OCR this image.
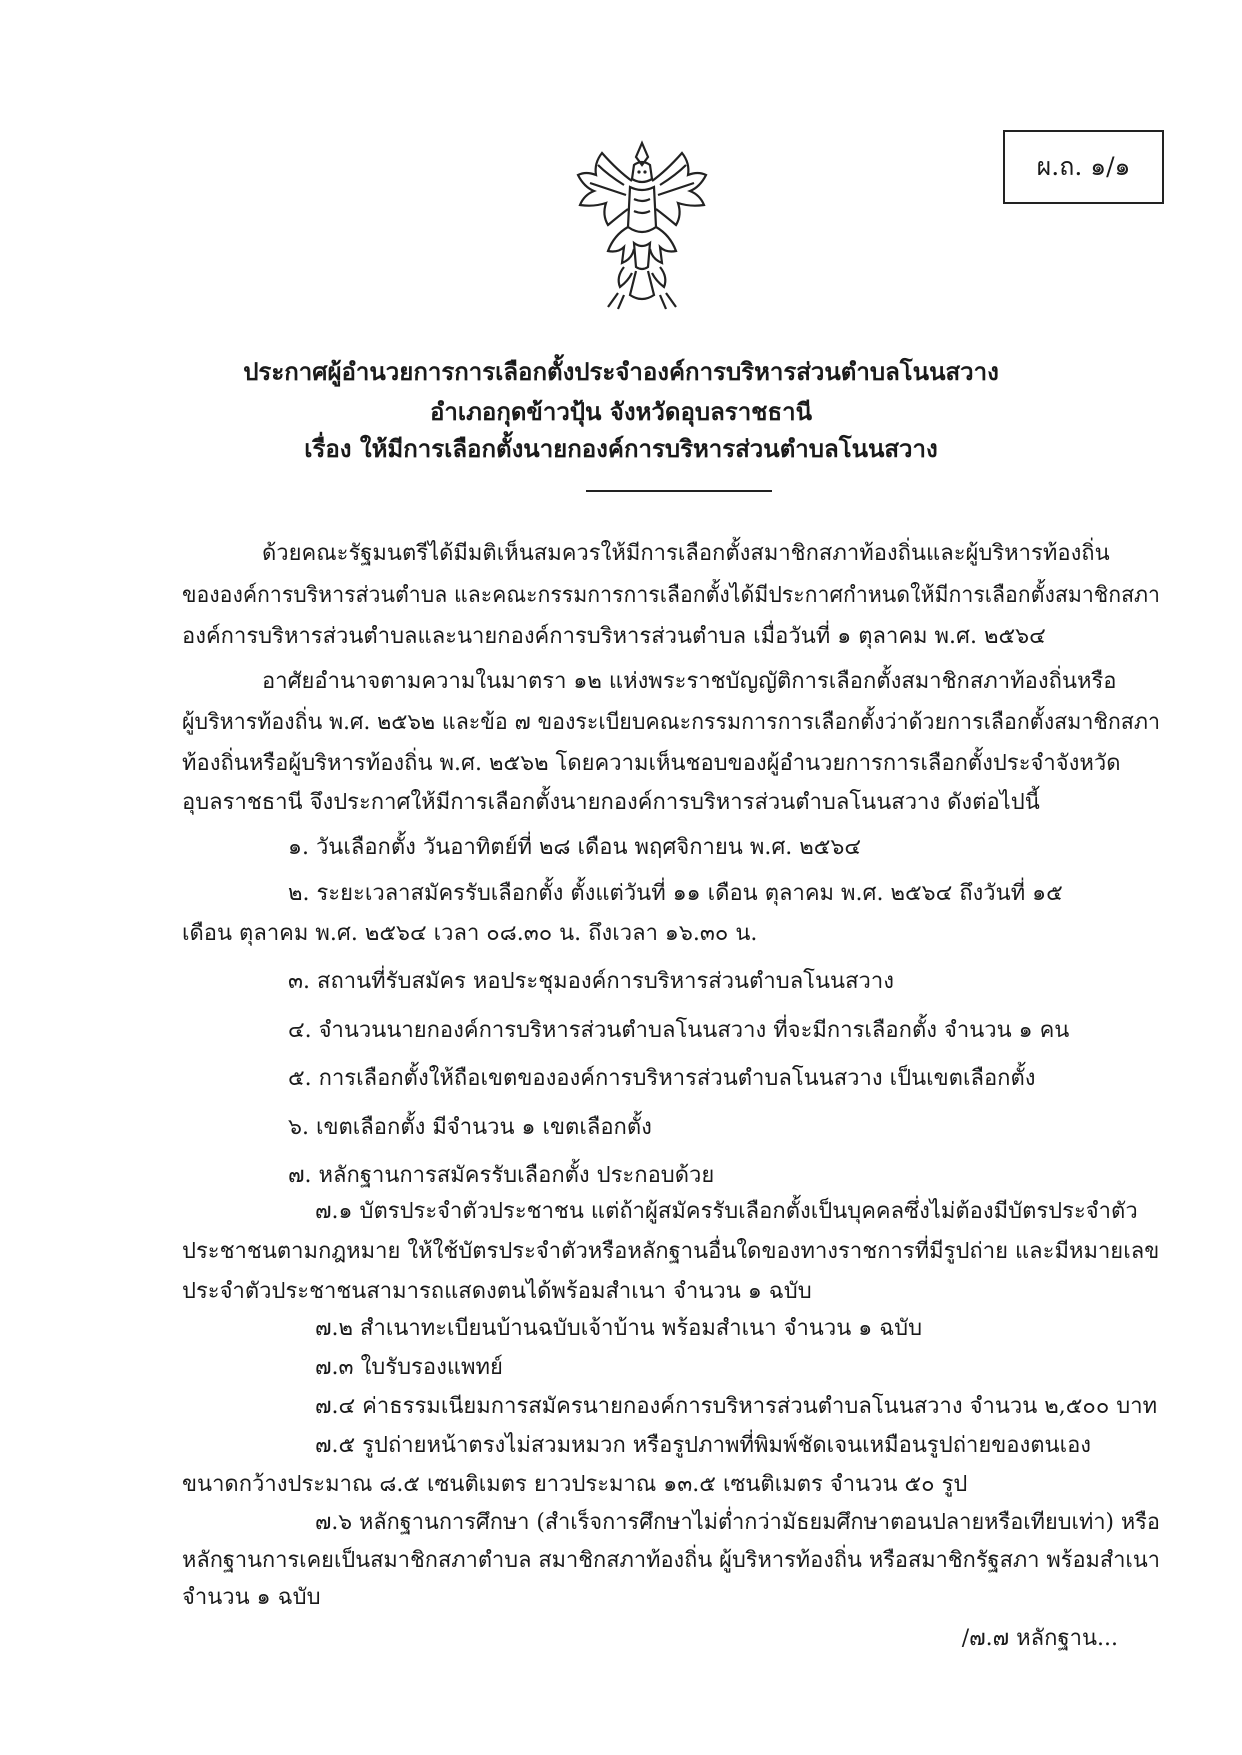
ผ.ถ. ๑/๑
ประกาศผู้อำนวยการการเลือกตั้งประจำองค์การบริหารส่วนตำบลโนนสวาง
อำเภอกุดข้าวปุ้น จังหวัดอุบลราชธานี
เรื่อง ให้มีการเลือกตั้งนายกองค์การบริหารส่วนตำบลโนนสวาง
ด้วยคณะรัฐมนตรีได้มีมติเห็นสมควรให้มีการเลือกตั้งสมาชิกสภาท้องถิ่นและผู้บริหารท้องถิ่น
ขององค์การบริหารส่วนตำบล และคณะกรรมการการเลือกตั้งได้มีประกาศกำหนดให้มีการเลือกตั้งสมาชิกสภา
องค์การบริหารส่วนตำบลและนายกองค์การบริหารส่วนตำบล เมื่อวันที่ ๑ ตุลาคม พ.ศ. ๒๕๖๔
อาศัยอำนาจตามความในมาตรา ๑๒ แห่งพระราชบัญญัติการเลือกตั้งสมาชิกสภาท้องถิ่นหรือ
ผู้บริหารท้องถิ่น พ.ศ. ๒๕๖๒ และข้อ ๗ ของระเบียบคณะกรรมการการเลือกตั้งว่าด้วยการเลือกตั้งสมาชิกสภา
ท้องถิ่นหรือผู้บริหารท้องถิ่น พ.ศ. ๒๕๖๒ โดยความเห็นชอบของผู้อำนวยการการเลือกตั้งประจำจังหวัด
อุบลราชธานี จึงประกาศให้มีการเลือกตั้งนายกองค์การบริหารส่วนตำบลโนนสวาง ดังต่อไปนี้
๑. วันเลือกตั้ง วันอาทิตย์ที่ ๒๘ เดือน พฤศจิกายน พ.ศ. ๒๕๖๔
๒. ระยะเวลาสมัครรับเลือกตั้ง ตั้งแต่วันที่ ๑๑ เดือน ตุลาคม พ.ศ. ๒๕๖๔ ถึงวันที่ ๑๕
เดือน ตุลาคม พ.ศ. ๒๕๖๔ เวลา ๐๘.๓๐ น. ถึงเวลา ๑๖.๓๐ น.
๓. สถานที่รับสมัคร หอประชุมองค์การบริหารส่วนตำบลโนนสวาง
๔. จำนวนนายกองค์การบริหารส่วนตำบลโนนสวาง ที่จะมีการเลือกตั้ง จำนวน ๑ คน
๕. การเลือกตั้งให้ถือเขตขององค์การบริหารส่วนตำบลโนนสวาง เป็นเขตเลือกตั้ง
๖. เขตเลือกตั้ง มีจำนวน ๑ เขตเลือกตั้ง
๗. หลักฐานการสมัครรับเลือกตั้ง ประกอบด้วย
๗.๑ บัตรประจำตัวประชาชน แต่ถ้าผู้สมัครรับเลือกตั้งเป็นบุคคลซึ่งไม่ต้องมีบัตรประจำตัว
ประชาชนตามกฎหมาย ให้ใช้บัตรประจำตัวหรือหลักฐานอื่นใดของทางราชการที่มีรูปถ่าย และมีหมายเลข
ประจำตัวประชาชนสามารถแสดงตนได้พร้อมสำเนา จำนวน ๑ ฉบับ
๗.๒ สำเนาทะเบียนบ้านฉบับเจ้าบ้าน พร้อมสำเนา จำนวน ๑ ฉบับ
๗.๓ ใบรับรองแพทย์
๗.๔ ค่าธรรมเนียมการสมัครนายกองค์การบริหารส่วนตำบลโนนสวาง จำนวน ๒,๕๐๐ บาท
๗.๕ รูปถ่ายหน้าตรงไม่สวมหมวก หรือรูปภาพที่พิมพ์ชัดเจนเหมือนรูปถ่ายของตนเอง
ขนาดกว้างประมาณ ๘.๕ เซนติเมตร ยาวประมาณ ๑๓.๕ เซนติเมตร จำนวน ๕๐ รูป
๗.๖ หลักฐานการศึกษา (สำเร็จการศึกษาไม่ต่ำกว่ามัธยมศึกษาตอนปลายหรือเทียบเท่า) หรือ
หลักฐานการเคยเป็นสมาชิกสภาตำบล สมาชิกสภาท้องถิ่น ผู้บริหารท้องถิ่น หรือสมาชิกรัฐสภา พร้อมสำเนา
จำนวน ๑ ฉบับ
/๗.๗ หลักฐาน...
